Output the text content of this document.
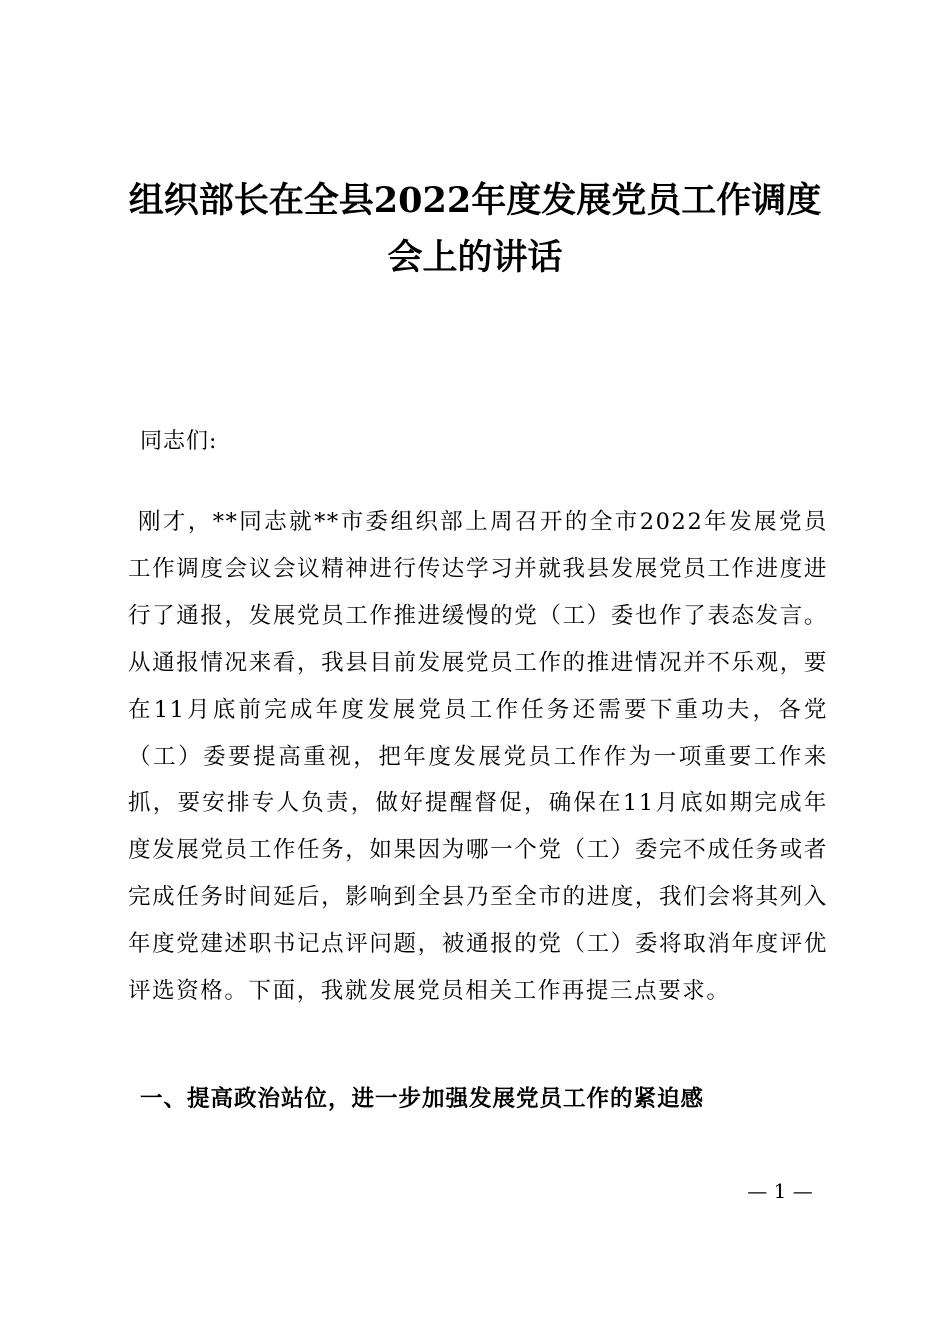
组织部长在全县2022年度发展党员工作调度
会上的讲话
同志们:

刚才，**同志就**市委组织部上周召开的全市2022年发展党员工作调度会议会议精神进行传达学习并就我县发展党员工作进度进行了通报，发展党员工作推进缓慢的党（工）委也作了表态发言。从通报情况来看，我县目前发展党员工作的推进情况并不乐观，要在11月底前完成年度发展党员工作任务还需要下重功夫，各党（工）委要提高重视，把年度发展党员工作作为一项重要工作来抓，要安排专人负责，做好提醒督促，确保在11月底如期完成年度发展党员工作任务，如果因为哪一个党（工）委完不成任务或者完成任务时间延后，影响到全县乃至全市的进度，我们会将其列入年度党建述职书记点评问题，被通报的党（工）委将取消年度评优评选资格。下面，我就发展党员相关工作再提三点要求。

一、提高政治站位，进一步加强发展党员工作的紧迫感
— 1 —
